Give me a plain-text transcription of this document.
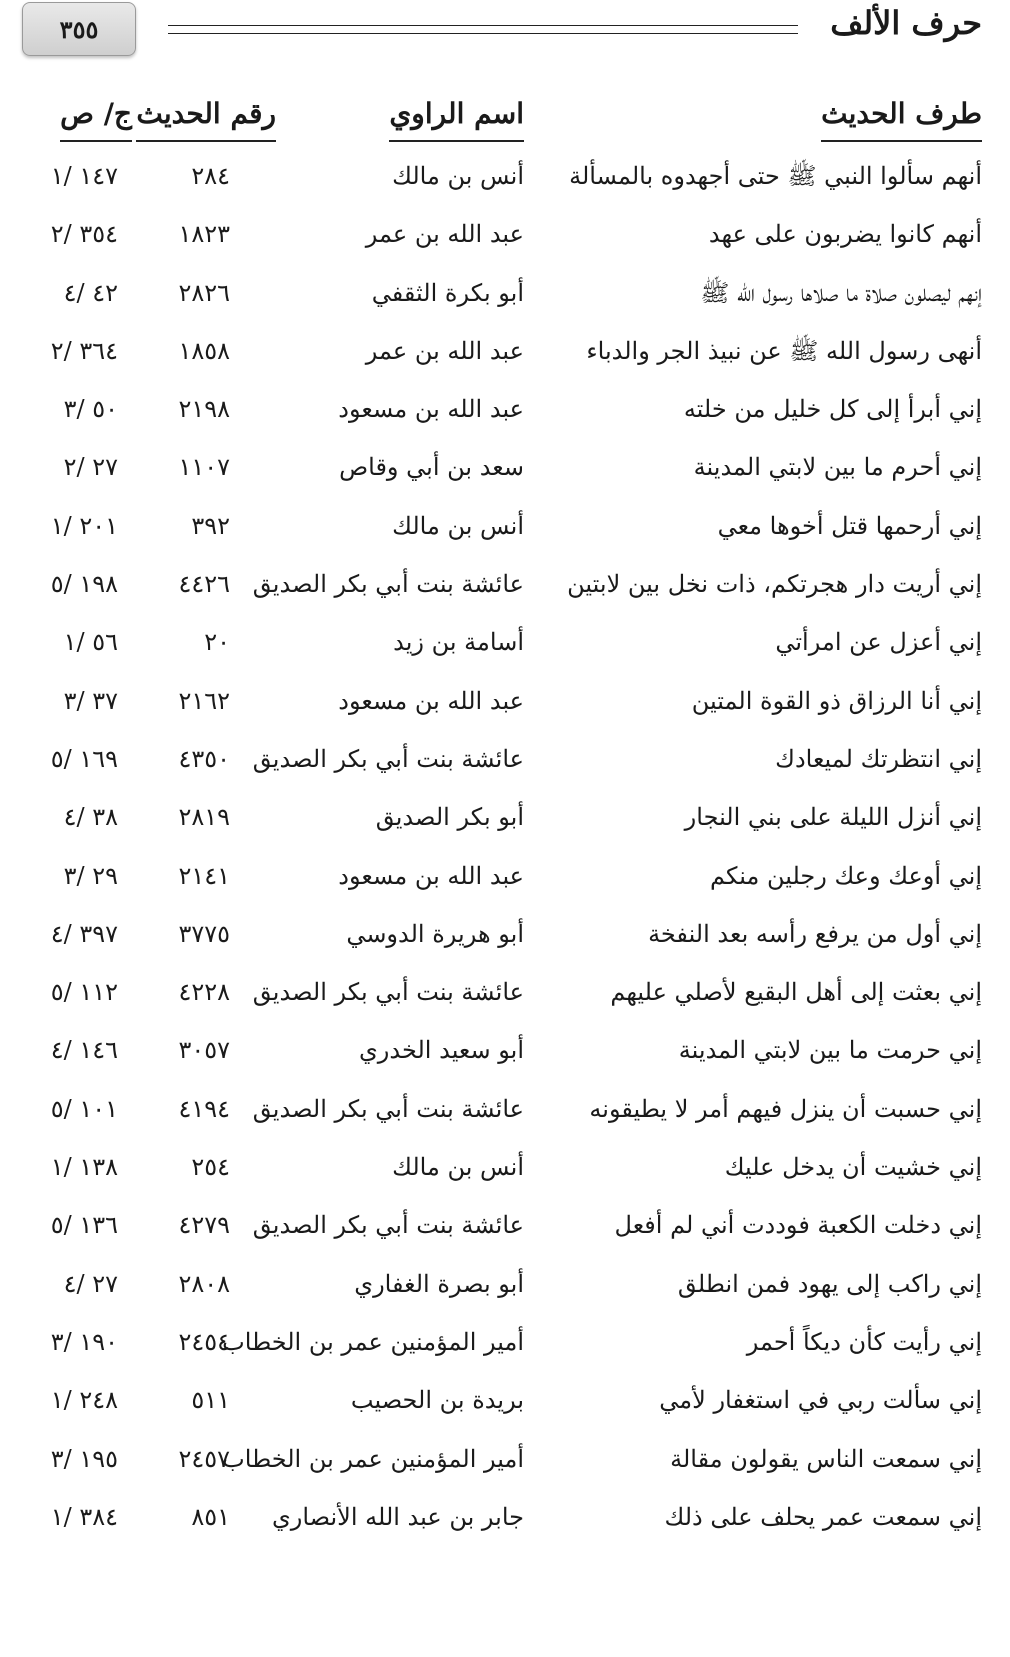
٣٥٥	حرف الألف
طرف الحديث
اسم الراوي
رقم الحديث
ج/ ص
أنهم سألوا النبي ﷺ حتى أجهدوه بالمسألة
أنس بن مالك
٢٨٤
١٤٧ /١
أنهم كانوا يضربون على عهد
عبد الله بن عمر
١٨٢٣
٣٥٤ /٢
إنهم ليصلون صلاة ما صلاها رسول الله ﷺ
أبو بكرة الثقفي
٢٨٢٦
٤٢ /٤
أنهى رسول الله ﷺ عن نبيذ الجر والدباء
عبد الله بن عمر
١٨٥٨
٣٦٤ /٢
إني أبرأ إلى كل خليل من خلته
عبد الله بن مسعود
٢١٩٨
٥٠ /٣
إني أحرم ما بين لابتي المدينة
سعد بن أبي وقاص
١١٠٧
٢٧ /٢
إني أرحمها قتل أخوها معي
أنس بن مالك
٣٩٢
٢٠١ /١
إني أريت دار هجرتكم، ذات نخل بين لابتين
عائشة بنت أبي بكر الصديق
٤٤٢٦
١٩٨ /٥
إني أعزل عن امرأتي
أسامة بن زيد
٢٠
٥٦ /١
إني أنا الرزاق ذو القوة المتين
عبد الله بن مسعود
٢١٦٢
٣٧ /٣
إني انتظرتك لميعادك
عائشة بنت أبي بكر الصديق
٤٣٥٠
١٦٩ /٥
إني أنزل الليلة على بني النجار
أبو بكر الصديق
٢٨١٩
٣٨ /٤
إني أوعك وعك رجلين منكم
عبد الله بن مسعود
٢١٤١
٢٩ /٣
إني أول من يرفع رأسه بعد النفخة
أبو هريرة الدوسي
٣٧٧٥
٣٩٧ /٤
إني بعثت إلى أهل البقيع لأصلي عليهم
عائشة بنت أبي بكر الصديق
٤٢٢٨
١١٢ /٥
إني حرمت ما بين لابتي المدينة
أبو سعيد الخدري
٣٠٥٧
١٤٦ /٤
إني حسبت أن ينزل فيهم أمر لا يطيقونه
عائشة بنت أبي بكر الصديق
٤١٩٤
١٠١ /٥
إني خشيت أن يدخل عليك
أنس بن مالك
٢٥٤
١٣٨ /١
إني دخلت الكعبة فوددت أني لم أفعل
عائشة بنت أبي بكر الصديق
٤٢٧٩
١٣٦ /٥
إني راكب إلى يهود فمن انطلق
أبو بصرة الغفاري
٢٨٠٨
٢٧ /٤
إني رأيت كأن ديكاً أحمر
أمير المؤمنين عمر بن الخطاب
٢٤٥٤
١٩٠ /٣
إني سألت ربي في استغفار لأمي
بريدة بن الحصيب
٥١١
٢٤٨ /١
إني سمعت الناس يقولون مقالة
أمير المؤمنين عمر بن الخطاب
٢٤٥٧
١٩٥ /٣
إني سمعت عمر يحلف على ذلك
جابر بن عبد الله الأنصاري
٨٥١
٣٨٤ /١
